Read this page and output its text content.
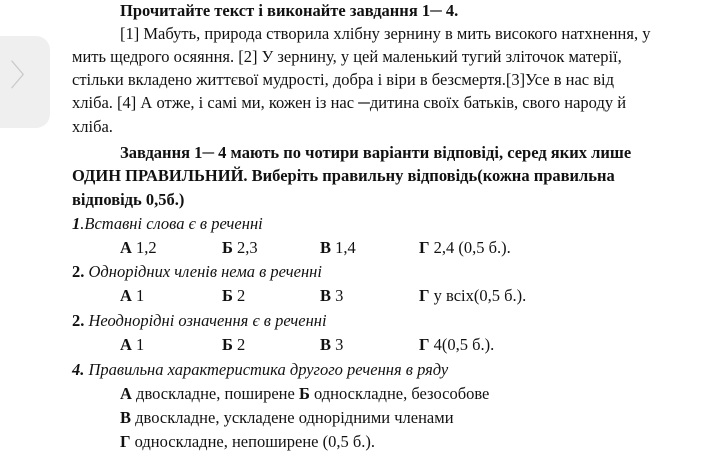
〉
Прочитайте текст і виконайте завдання 1─ 4.
[1] Мабуть, природа створила хлібну зернину в мить високого натхнення, у
мить щедрого осяяння. [2] У зернину, у цей маленький тугий зліточок матерії,
стільки вкладено життєвої мудрості, добра і віри в безсмертя.[3]Усе в нас від
хліба. [4] А отже, і самі ми, кожен із нас ─дитина своїх батьків, свого народу й
хліба.
Завдання 1─ 4 мають по чотири варіанти відповіді, серед яких лише
ОДИН ПРАВИЛЬНИЙ. Виберіть правильну відповідь(кожна правильна
відповідь 0,5б.)
1.Вставні слова є в реченні
А 1,2	Б 2,3	В 1,4	Г 2,4 (0,5 б.).
2. Однорідних членів нема в реченні
А 1	Б 2	В 3	Г у всіх(0,5 б.).
2. Неоднорідні означення є в реченні
А 1	Б 2	В 3	Г 4(0,5 б.).
4. Правильна характеристика другого речення в ряду
А двоскладне, поширене Б односкладне, безособове
В двоскладне, ускладене однорідними членами
Г односкладне, непоширене (0,5 б.).
